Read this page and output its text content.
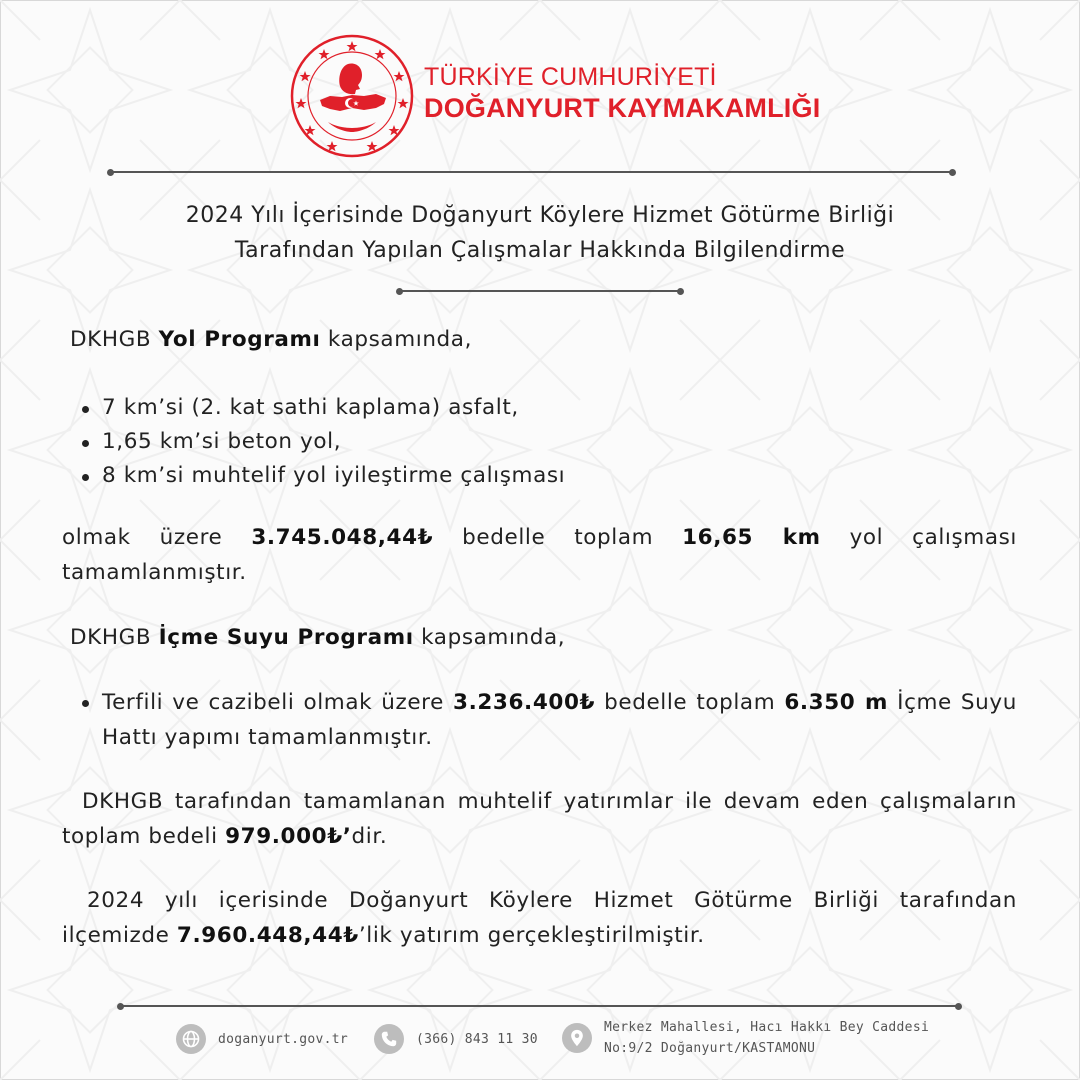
TÜRKİYE CUMHURİYETİ
DOĞANYURT KAYMAKAMLIĞI
2024 Yılı İçerisinde Doğanyurt Köylere Hizmet Götürme Birliği
Tarafından Yapılan Çalışmalar Hakkında Bilgilendirme
DKHGB Yol Programı kapsamında,
7 km’si (2. kat sathi kaplama) asfalt,
1,65 km’si beton yol,
8 km’si muhtelif yol iyileştirme çalışması
olmak üzere 3.745.048,44₺ bedelle toplam 16,65 km yol çalışması tamamlanmıştır.
DKHGB İçme Suyu Programı kapsamında,
Terfili ve cazibeli olmak üzere 3.236.400₺ bedelle toplam 6.350 m İçme Suyu Hattı yapımı tamamlanmıştır.
DKHGB tarafından tamamlanan muhtelif yatırımlar ile devam eden çalışmaların toplam bedeli 979.000₺’dir.
2024 yılı içerisinde Doğanyurt Köylere Hizmet Götürme Birliği tarafından ilçemizde 7.960.448,44₺’lik yatırım gerçekleştirilmiştir.
doganyurt.gov.tr	(366) 843 11 30
Merkez Mahallesi, Hacı Hakkı Bey Caddesi
No:9/2 Doğanyurt/KASTAMONU
